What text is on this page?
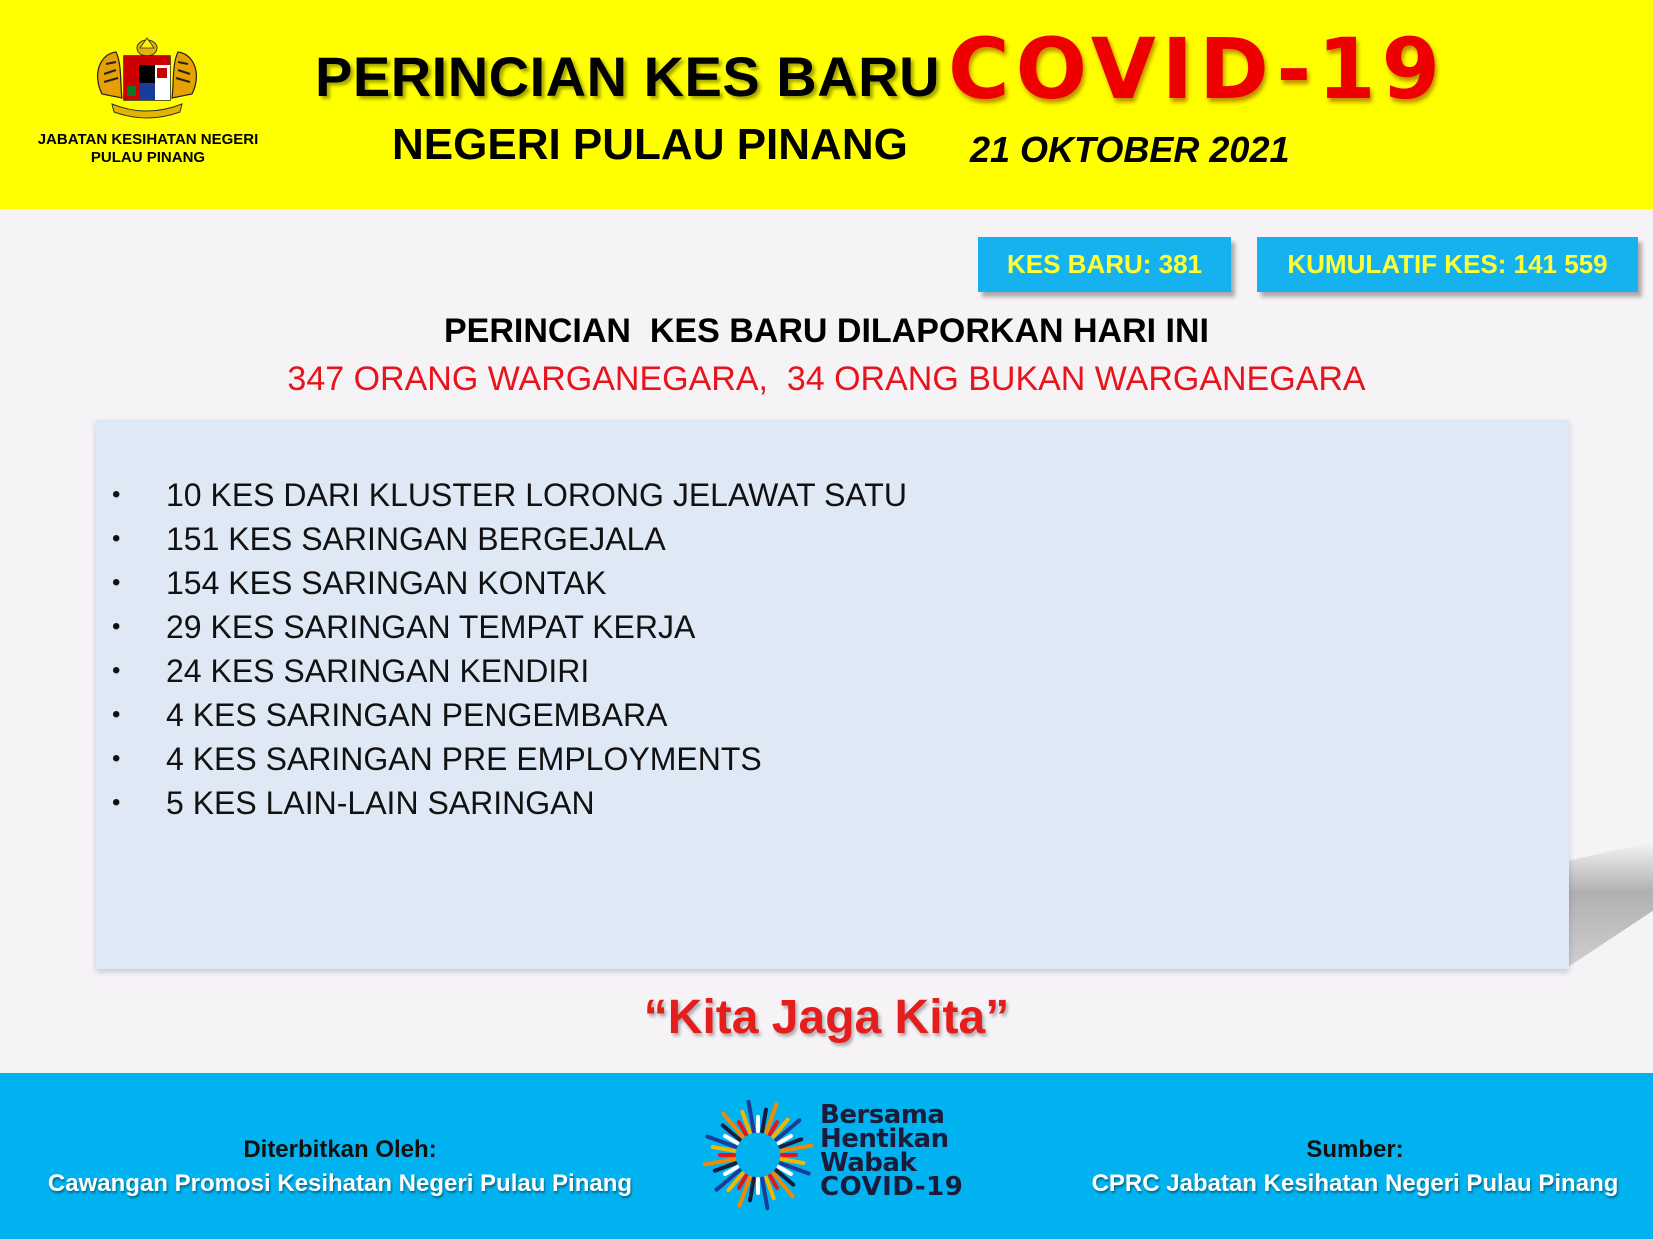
JABATAN KESIHATAN NEGERI
PULAU PINANG
PERINCIAN KES BARU COVID-19
NEGERI PULAU PINANG 21 OKTOBER 2021
KES BARU: 381	KUMULATIF KES: 141 559
PERINCIAN  KES BARU DILAPORKAN HARI INI
347 ORANG WARGANEGARA,  34 ORANG BUKAN WARGANEGARA
• 10 KES DARI KLUSTER LORONG JELAWAT SATU
• 151 KES SARINGAN BERGEJALA
• 154 KES SARINGAN KONTAK
• 29 KES SARINGAN TEMPAT KERJA
• 24 KES SARINGAN KENDIRI
• 4 KES SARINGAN PENGEMBARA
• 4 KES SARINGAN PRE EMPLOYMENTS
• 5 KES LAIN-LAIN SARINGAN
“Kita Jaga Kita”
Diterbitkan Oleh:
Cawangan Promosi Kesihatan Negeri Pulau Pinang
Bersama
Hentikan
Wabak
COVID-19
Sumber:
CPRC Jabatan Kesihatan Negeri Pulau Pinang
